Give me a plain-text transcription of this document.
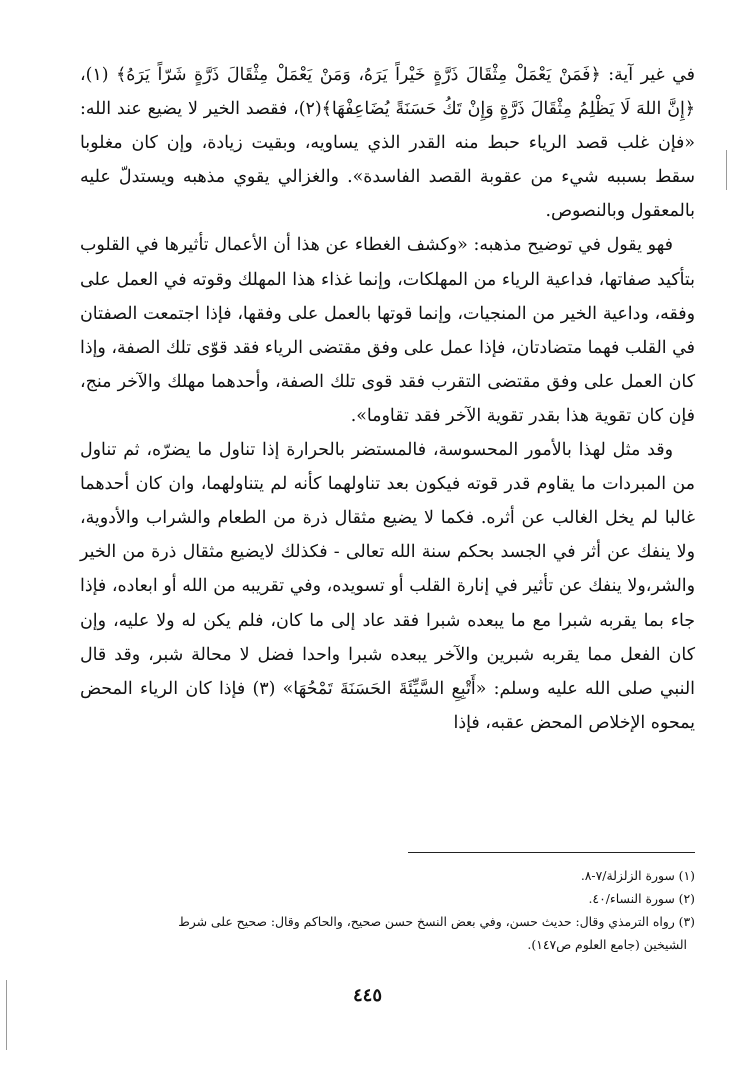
في غير آية: ﴿فَمَنْ يَعْمَلْ مِثْقَالَ ذَرَّةٍ خَيْراً يَرَهُ، وَمَنْ يَعْمَلْ مِثْقَالَ ذَرَّةٍ شَرّاً يَرَهُ﴾ (١)، ﴿إِنَّ اللهَ لَا يَظْلِمُ مِثْقَالَ ذَرَّةٍ وَإِنْ تَكُ حَسَنَةً يُضَاعِفْهَا﴾(٢)، فقصد الخير لا يضيع عند الله: «فإن غلب قصد الرياء حبط منه القدر الذي يساويه، وبقيت زيادة، وإن كان مغلوبا سقط بسببه شيء من عقوبة القصد الفاسدة». والغزالي يقوي مذهبه ويستدلّ عليه بالمعقول وبالنصوص.

فهو يقول في توضيح مذهبه: «وكشف الغطاء عن هذا أن الأعمال تأثيرها في القلوب بتأكيد صفاتها، فداعية الرياء من المهلكات، وإنما غذاء هذا المهلك وقوته في العمل على وفقه، وداعية الخير من المنجيات، وإنما قوتها بالعمل على وفقها، فإذا اجتمعت الصفتان في القلب فهما متضادتان، فإذا عمل على وفق مقتضى الرياء فقد قوّى تلك الصفة، وإذا كان العمل على وفق مقتضى التقرب فقد قوى تلك الصفة، وأحدهما مهلك والآخر منج، فإن كان تقوية هذا بقدر تقوية الآخر فقد تقاوما».

وقد مثل لهذا بالأمور المحسوسة، فالمستضر بالحرارة إذا تناول ما يضرّه، ثم تناول من المبردات ما يقاوم قدر قوته فيكون بعد تناولهما كأنه لم يتناولهما، وان كان أحدهما غالبا لم يخل الغالب عن أثره. فكما لا يضيع مثقال ذرة من الطعام والشراب والأدوية، ولا ينفك عن أثر في الجسد بحكم سنة الله تعالى - فكذلك لايضيع مثقال ذرة من الخير والشر،ولا ينفك عن تأثير في إنارة القلب أو تسويده، وفي تقريبه من الله أو ابعاده، فإذا جاء بما يقربه شبرا مع ما يبعده شبرا فقد عاد إلى ما كان، فلم يكن له ولا عليه، وإن كان الفعل مما يقربه شبرين والآخر يبعده شبرا واحدا فضل لا محالة شبر، وقد قال النبي صلى الله عليه وسلم: «أَتْبِعِ السَّيِّئَةَ الحَسَنَةَ تَمْحُهَا» (٣) فإذا كان الرياء المحض يمحوه الإخلاص المحض عقبه، فإذا

(١) سورة الزلزلة/٧-٨.

(٢) سورة النساء/٤٠.

(٣) رواه الترمذي وقال: حديث حسن، وفي بعض النسخ حسن صحيح، والحاكم وقال: صحيح على شرط

الشيخين (جامع العلوم ص١٤٧).

٤٤٥
